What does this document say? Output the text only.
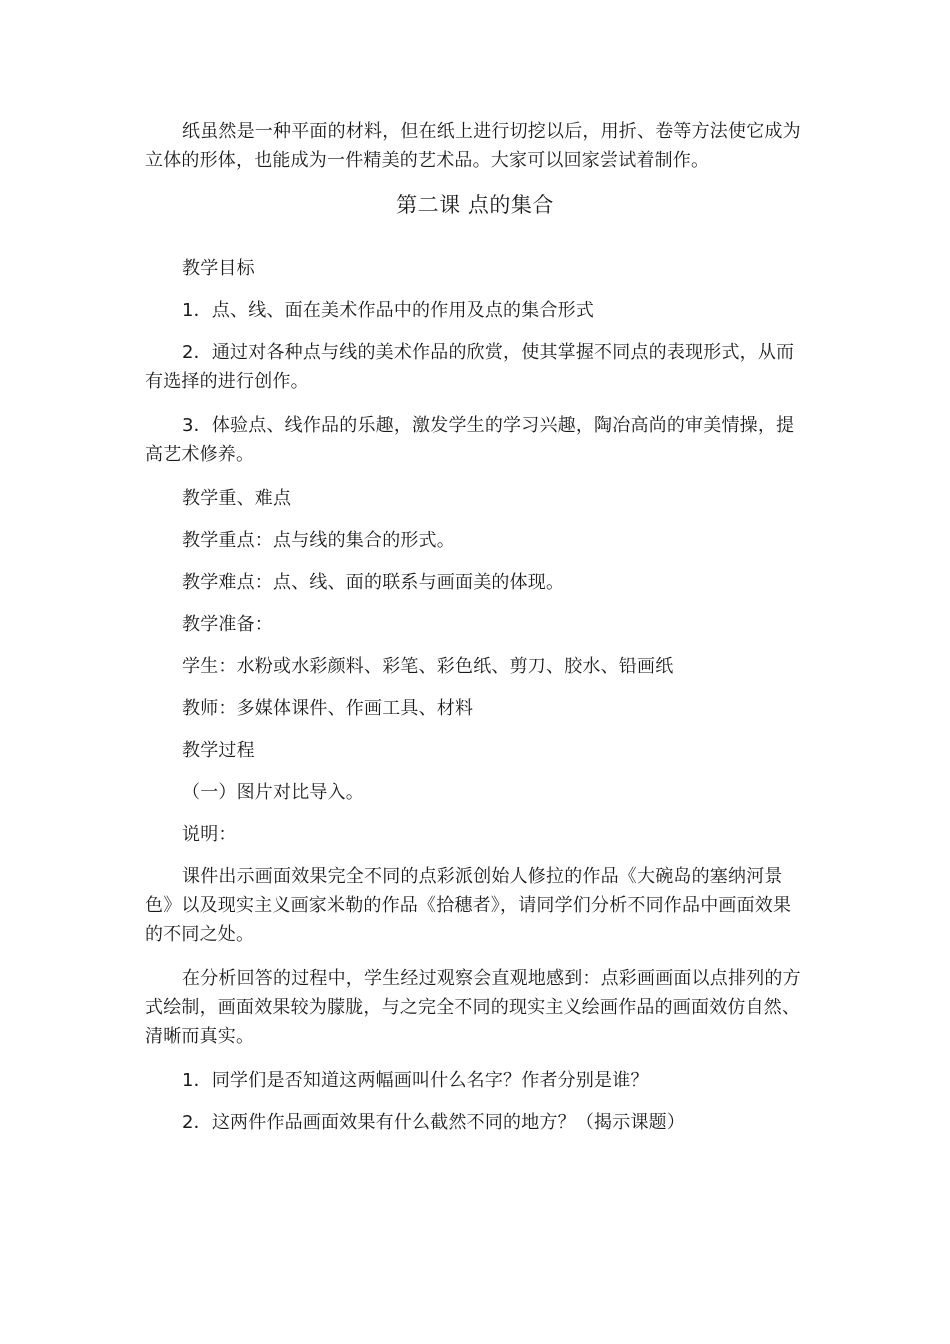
纸虽然是一种平面的材料，但在纸上进行切挖以后，用折、卷等方法使它成为立体的形体，也能成为一件精美的艺术品。大家可以回家尝试着制作。

第二课 点的集合

教学目标

1．点、线、面在美术作品中的作用及点的集合形式

2．通过对各种点与线的美术作品的欣赏，使其掌握不同点的表现形式，从而有选择的进行创作。

3．体验点、线作品的乐趣，激发学生的学习兴趣，陶冶高尚的审美情操，提高艺术修养。

教学重、难点

教学重点：点与线的集合的形式。

教学难点：点、线、面的联系与画面美的体现。

教学准备：

学生：水粉或水彩颜料、彩笔、彩色纸、剪刀、胶水、铅画纸

教师：多媒体课件、作画工具、材料

教学过程

（一）图片对比导入。

说明：

课件出示画面效果完全不同的点彩派创始人修拉的作品《大碗岛的塞纳河景色》以及现实主义画家米勒的作品《拾穗者》，请同学们分析不同作品中画面效果的不同之处。

在分析回答的过程中，学生经过观察会直观地感到：点彩画画面以点排列的方式绘制，画面效果较为朦胧，与之完全不同的现实主义绘画作品的画面效仿自然、清晰而真实。

1．同学们是否知道这两幅画叫什么名字？作者分别是谁？

2．这两件作品画面效果有什么截然不同的地方？（揭示课题）
